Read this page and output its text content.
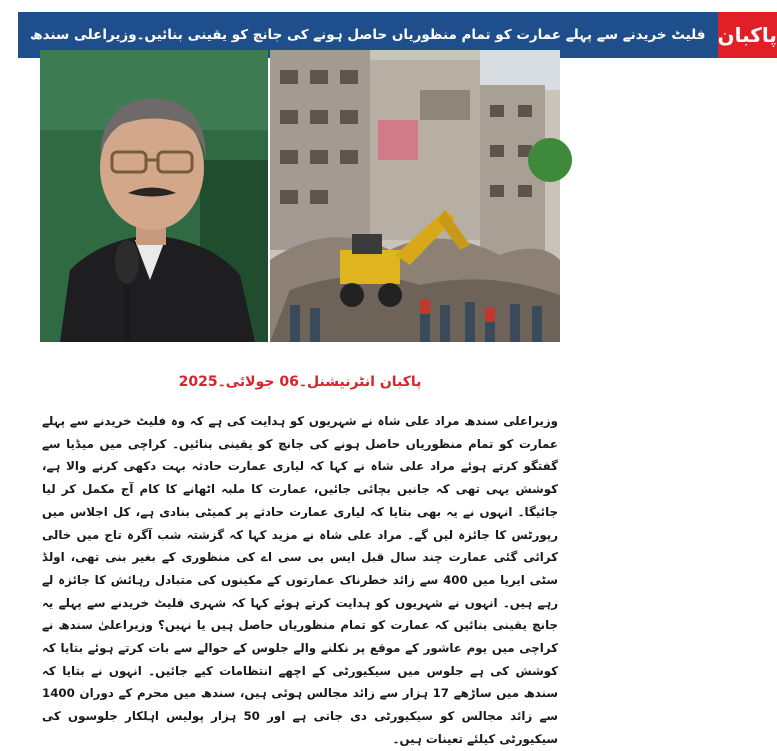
فلیٹ خریدنے سے پہلے عمارت کو تمام منظوریاں حاصل ہونے کی جانچ کو یقینی بنائیں۔وزیراعلی سندھ پاکبان
پاکبان انٹرنیشنل۔06 جولائی۔2025

وزیراعلی سندھ مراد علی شاہ نے شہریوں کو ہدایت کی ہے کہ وہ فلیٹ خریدنے سے پہلے عمارت کو تمام منظوریاں حاصل ہونے کی جانچ کو یقینی بنائیں۔ کراچی میں میڈیا سے گفتگو کرتے ہوئے مراد علی شاہ نے کہا کہ لیاری عمارت حادثہ بہت دکھی کرنے والا ہے، کوشش یہی تھی کہ جانیں بچائی جائیں، عمارت کا ملبہ اٹھانے کا کام آج مکمل کر لیا جائیگا۔ انہوں نے یہ بھی بتایا کہ لیاری عمارت حادثے پر کمیٹی بنادی ہے، کل اجلاس میں رپورٹس کا جائزہ لیں گے۔ مراد علی شاہ نے مزید کہا کہ گزشتہ شب آگرہ تاج میں خالی کرائی گئی عمارت چند سال قبل ایس بی سی اے کی منظوری کے بغیر بنی تھی، اولڈ سٹی ایریا میں 400 سے زائد خطرناک عمارتوں کے مکینوں کی متبادل رہائش کا جائزہ لے رہے ہیں۔ انہوں نے شہریوں کو ہدایت کرتے ہوئے کہا کہ شہری فلیٹ خریدنے سے پہلے یہ جانچ یقینی بنائیں کہ عمارت کو تمام منظوریاں حاصل ہیں یا نہیں؟ وزیراعلیٰ سندھ نے کراچی میں یوم عاشور کے موقع پر نکلنے والے جلوس کے حوالے سے بات کرتے ہوئے بتایا کہ کوشش کی ہے جلوس میں سیکیورٹی کے اچھے انتظامات کیے جائیں۔ انہوں نے بتایا کہ سندھ میں ساڑھے 17 ہزار سے زائد مجالس ہوئی ہیں، سندھ میں محرم کے دوران 1400 سے زائد مجالس کو سیکیورٹی دی جاتی ہے اور 50 ہزار پولیس اہلکار جلوسوں کی سیکیورٹی کیلئے تعینات ہیں۔
